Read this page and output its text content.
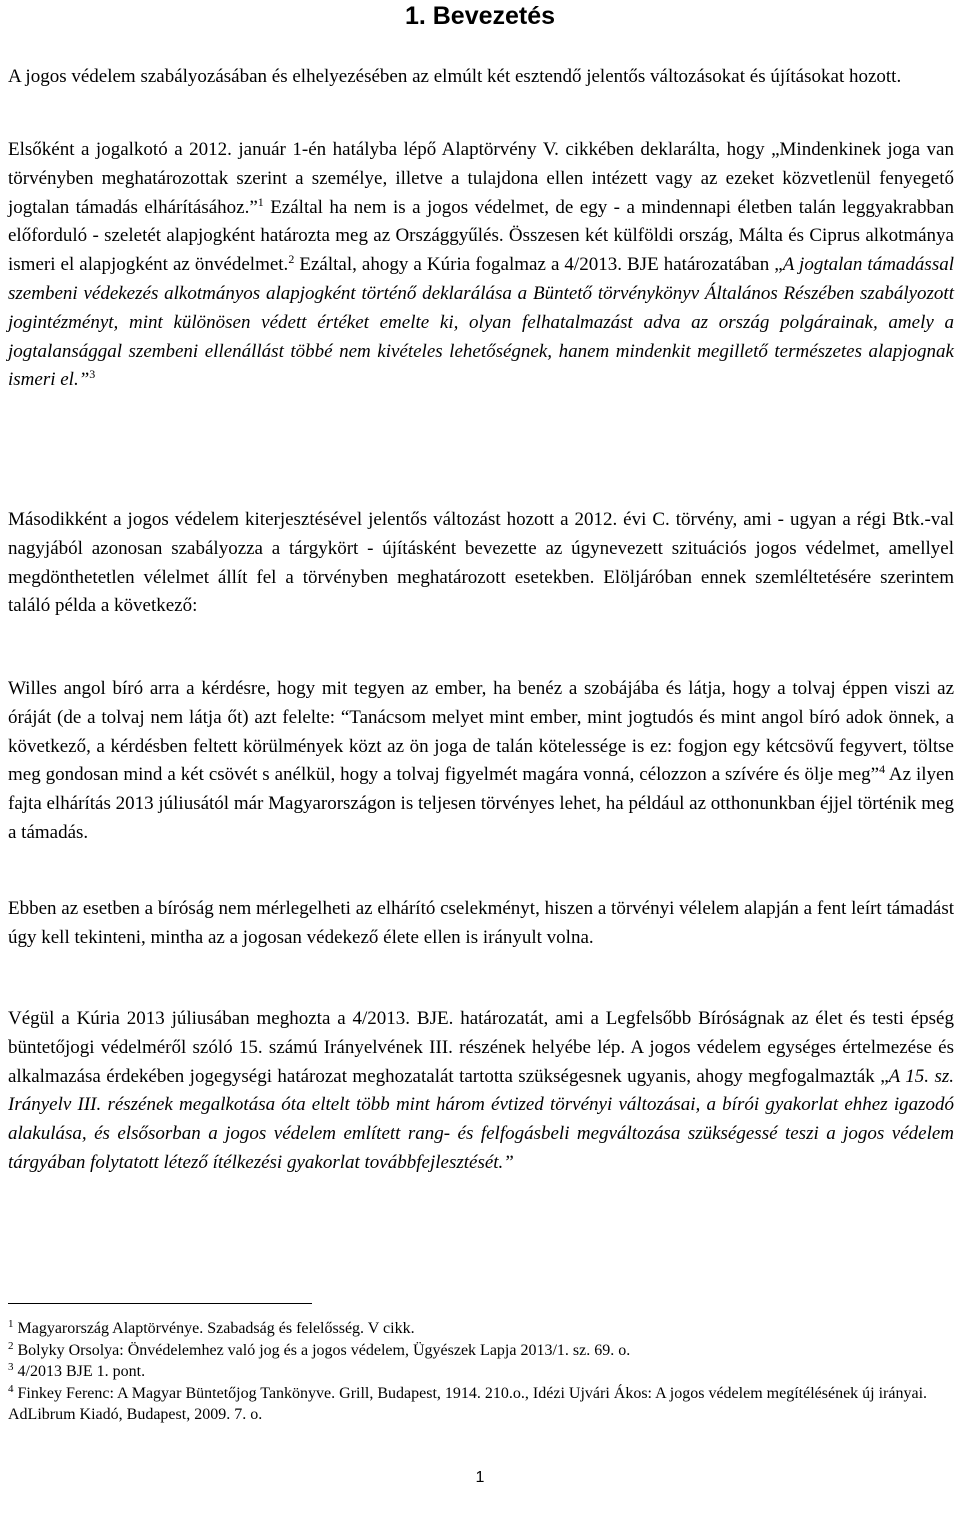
1. Bevezetés

A jogos védelem szabályozásában és elhelyezésében az elmúlt két esztendő jelentős változásokat és újításokat hozott.

Elsőként a jogalkotó a 2012. január 1-én hatályba lépő Alaptörvény V. cikkében deklarálta, hogy „Mindenkinek joga van törvényben meghatározottak szerint a személye, illetve a tulajdona ellen intézett vagy az ezeket közvetlenül fenyegető jogtalan támadás elhárításához.”$^1$ Ezáltal ha nem is a jogos védelmet, de egy - a mindennapi életben talán leggyakrabban előforduló - szeletét alapjogként határozta meg az Országgyűlés. Összesen két külföldi ország, Málta és Ciprus alkotmánya ismeri el alapjogként az önvédelmet.$^2$ Ezáltal, ahogy a Kúria fogalmaz a 4/2013. BJE határozatában „A jogtalan támadással szembeni védekezés alkotmányos alapjogként történő deklarálása a Büntető törvénykönyv Általános Részében szabályozott jogintézményt, mint különösen védett értéket emelte ki, olyan felhatalmazást adva az ország polgárainak, amely a jogtalansággal szembeni ellenállást többé nem kivételes lehetőségnek, hanem mindenkit megillető természetes alapjognak ismeri el.”$^3$

Másodikként a jogos védelem kiterjesztésével jelentős változást hozott a 2012. évi C. törvény, ami - ugyan a régi Btk.-val nagyjából azonosan szabályozza a tárgykört - újításként bevezette az úgynevezett szituációs jogos védelmet, amellyel megdönthetetlen vélelmet állít fel a törvényben meghatározott esetekben. Elöljáróban ennek szemléltetésére szerintem találó példa a következő:

Willes angol bíró arra a kérdésre, hogy mit tegyen az ember, ha benéz a szobájába és látja, hogy a tolvaj éppen viszi az óráját (de a tolvaj nem látja őt) azt felelte: “Tanácsom melyet mint ember, mint jogtudós és mint angol bíró adok önnek, a következő, a kérdésben feltett körülmények közt az ön joga de talán kötelessége is ez: fogjon egy kétcsövű fegyvert, töltse meg gondosan mind a két csövét s anélkül, hogy a tolvaj figyelmét magára vonná, célozzon a szívére és ölje meg”$^4$ Az ilyen fajta elhárítás 2013 júliusától már Magyarországon is teljesen törvényes lehet, ha például az otthonunkban éjjel történik meg a támadás.

Ebben az esetben a bíróság nem mérlegelheti az elhárító cselekményt, hiszen a törvényi vélelem alapján a fent leírt támadást úgy kell tekinteni, mintha az a jogosan védekező élete ellen is irányult volna.

Végül a Kúria 2013 júliusában meghozta a 4/2013. BJE. határozatát, ami a Legfelsőbb Bíróságnak az élet és testi épség büntetőjogi védelméről szóló 15. számú Irányelvének III. részének helyébe lép. A jogos védelem egységes értelmezése és alkalmazása érdekében jogegységi határozat meghozatalát tartotta szükségesnek ugyanis, ahogy megfogalmazták „A 15. sz. Irányelv III. részének megalkotása óta eltelt több mint három évtized törvényi változásai, a bírói gyakorlat ehhez igazodó alakulása, és elsősorban a jogos védelem említett rang- és felfogásbeli megváltozása szükségessé teszi a jogos védelem tárgyában folytatott létező ítélkezési gyakorlat továbbfejlesztését.”

$^1$ Magyarország Alaptörvénye. Szabadság és felelősség. V cikk.

$^2$ Bolyky Orsolya: Önvédelemhez való jog és a jogos védelem, Ügyészek Lapja 2013/1. sz. 69. o.

$^3$ 4/2013 BJE 1. pont.

$^4$ Finkey Ferenc: A Magyar Büntetőjog Tankönyve. Grill, Budapest, 1914. 210.o., Idézi Ujvári Ákos: A jogos védelem megítélésének új irányai. AdLibrum Kiadó, Budapest, 2009. 7. o.

1
